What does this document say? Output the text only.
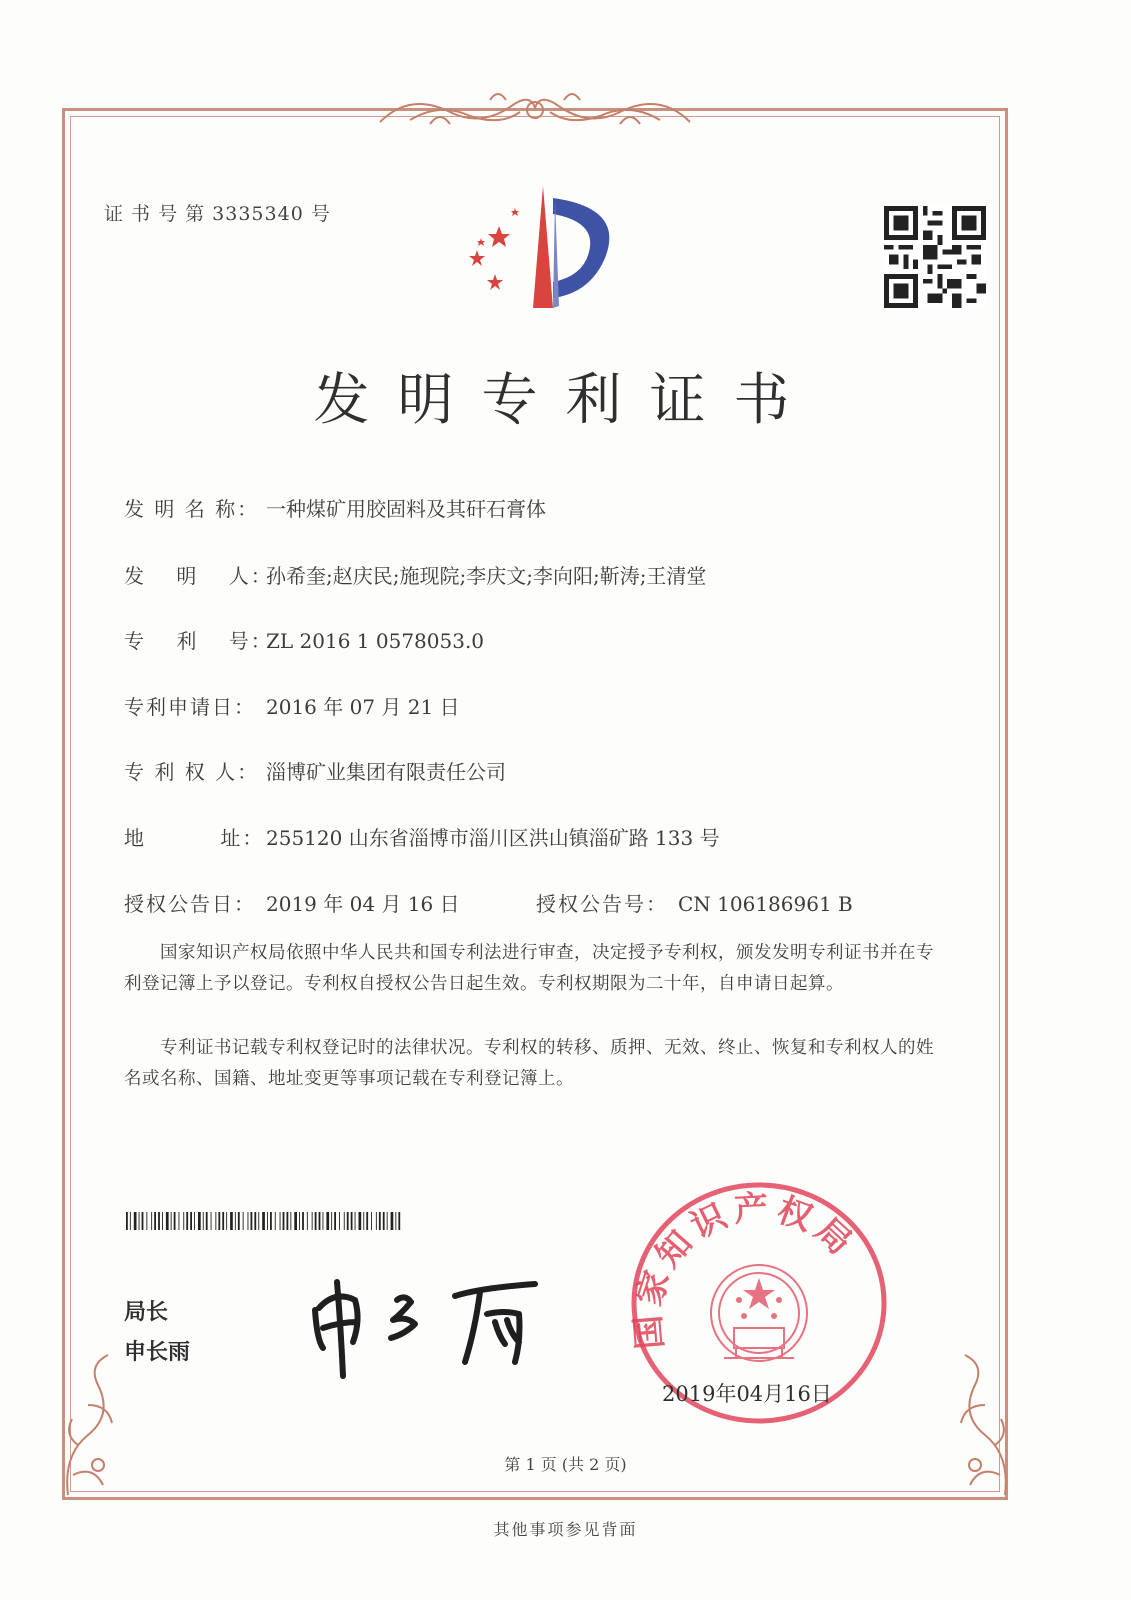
证 书 号 第 3335340 号
发明专利证书
发 明 名 称： 一种煤矿用胶固料及其矸石膏体
发　 明　 人：孙希奎;赵庆民;施现院;李庆文;李向阳;靳涛;王清堂
专　 利　 号：ZL 2016 1 0578053.0
专利申请日： 2016 年 07 月 21 日
专 利 权 人： 淄博矿业集团有限责任公司
地　　　 址：255120 山东省淄博市淄川区洪山镇淄矿路 133 号
授权公告日： 2019 年 04 月 16 日	授权公告号： CN 106186961 B
　　国家知识产权局依照中华人民共和国专利法进行审查，决定授予专利权，颁发发明专利证书并在专利登记簿上予以登记。专利权自授权公告日起生效。专利权期限为二十年，自申请日起算。
　　专利证书记载专利权登记时的法律状况。专利权的转移、质押、无效、终止、恢复和专利权人的姓名或名称、国籍、地址变更等事项记载在专利登记簿上。
局长
申长雨
国家知识产权局
2019年04月16日
第 1 页 (共 2 页)
其他事项参见背面
